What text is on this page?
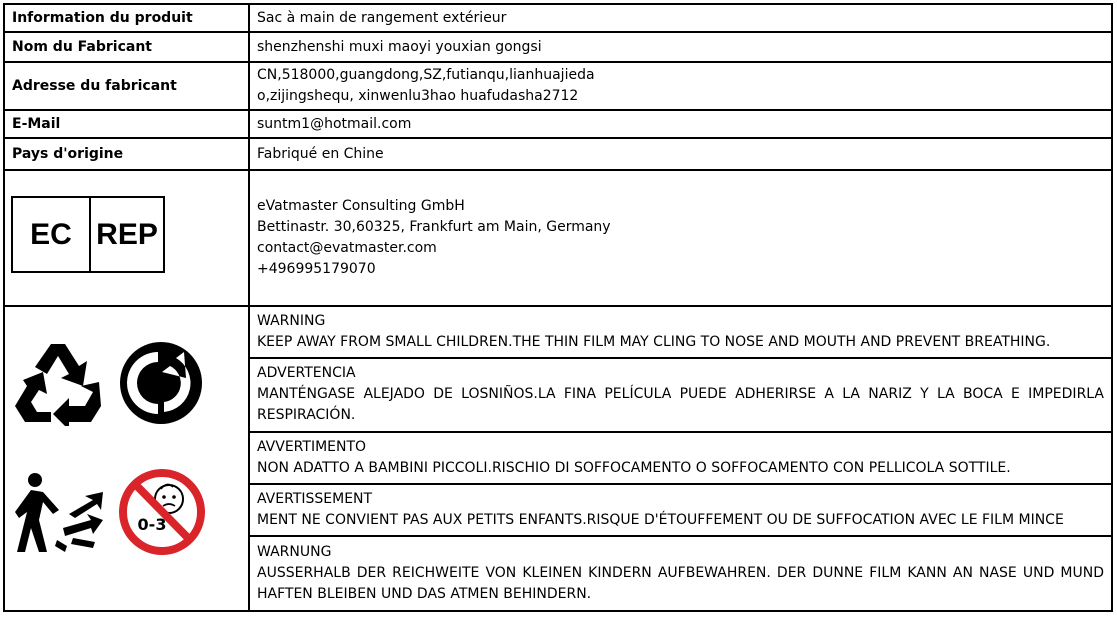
Information du produit	Sac à main de rangement extérieur
Nom du Fabricant	shenzhenshi muxi maoyi youxian gongsi
Adresse du fabricant	CN,518000,guangdong,SZ,futianqu,lianhuajieda
o,zijingshequ, xinwenlu3hao huafudasha2712

E-Mail	suntm1@hotmail.com
Pays d'origine	Fabriqué en Chine

EC REP	eVatmaster Consulting GmbH
Bettinastr. 30,60325, Frankfurt am Main, Germany
contact@evatmaster.com
+496995179070

0-3	WARNING
KEEP AWAY FROM SMALL CHILDREN.THE THIN FILM MAY CLING TO NOSE AND MOUTH AND PREVENT BREATHING.

	ADVERTENCIA
MANTÉNGASE ALEJADO DE LOSNIÑOS.LA FINA PELÍCULA PUEDE ADHERIRSE A LA NARIZ Y LA BOCA E IMPEDIRLA RESPIRACIÓN.

	AVVERTIMENTO
NON ADATTO A BAMBINI PICCOLI.RISCHIO DI SOFFOCAMENTO O SOFFOCAMENTO CON PELLICOLA SOTTILE.

	AVERTISSEMENT
MENT NE CONVIENT PAS AUX PETITS ENFANTS.RISQUE D'ÉTOUFFEMENT OU DE SUFFOCATION AVEC LE FILM MINCE

	WARNUNG
AUSSERHALB DER REICHWEITE VON KLEINEN KINDERN AUFBEWAHREN. DER DUNNE FILM KANN AN NASE UND MUND HAFTEN BLEIBEN UND DAS ATMEN BEHINDERN.
